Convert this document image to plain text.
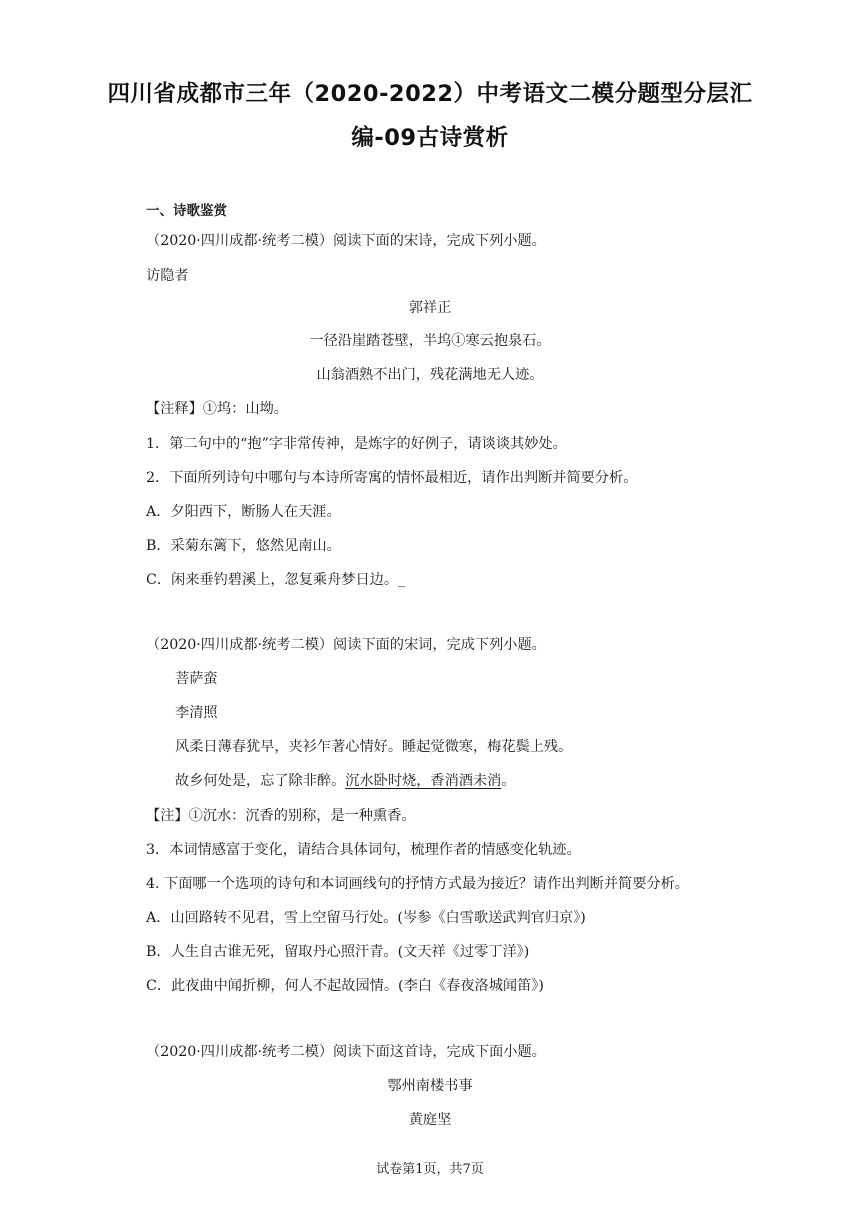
四川省成都市三年（2020-2022）中考语文二模分题型分层汇
编-09古诗赏析
一、诗歌鉴赏
（2020·四川成都·统考二模）阅读下面的宋诗，完成下列小题。
访隐者
郭祥正
一径沿崖踏苍壁，半坞①寒云抱泉石。
山翁酒熟不出门，残花满地无人迹。
【注释】①坞：山坳。
1．第二句中的“抱”字非常传神，是炼字的好例子，请谈谈其妙处。
2．下面所列诗句中哪句与本诗所寄寓的情怀最相近，请作出判断并简要分析。
A．夕阳西下，断肠人在天涯。
B．采菊东篱下，悠然见南山。
C．闲来垂钓碧溪上，忽复乘舟梦日边。_
（2020·四川成都·统考二模）阅读下面的宋词，完成下列小题。
菩萨蛮
李清照
风柔日薄春犹早，夹衫乍著心情好。睡起觉微寒，梅花鬓上残。
故乡何处是，忘了除非醉。沉水卧时烧，香消酒未消。
【注】①沉水：沉香的别称，是一种熏香。
3．本词情感富于变化，请结合具体词句，梳理作者的情感变化轨迹。
4. 下面哪一个选项的诗句和本词画线句的抒情方式最为接近？请作出判断并简要分析。
A．山回路转不见君，雪上空留马行处。(岑参《白雪歌送武判官归京》)
B．人生自古谁无死，留取丹心照汗青。(文天祥《过零丁洋》)
C．此夜曲中闻折柳，何人不起故园情。(李白《春夜洛城闻笛》)
（2020·四川成都·统考二模）阅读下面这首诗，完成下面小题。
鄂州南楼书事
黄庭坚
试卷第1页，共7页
